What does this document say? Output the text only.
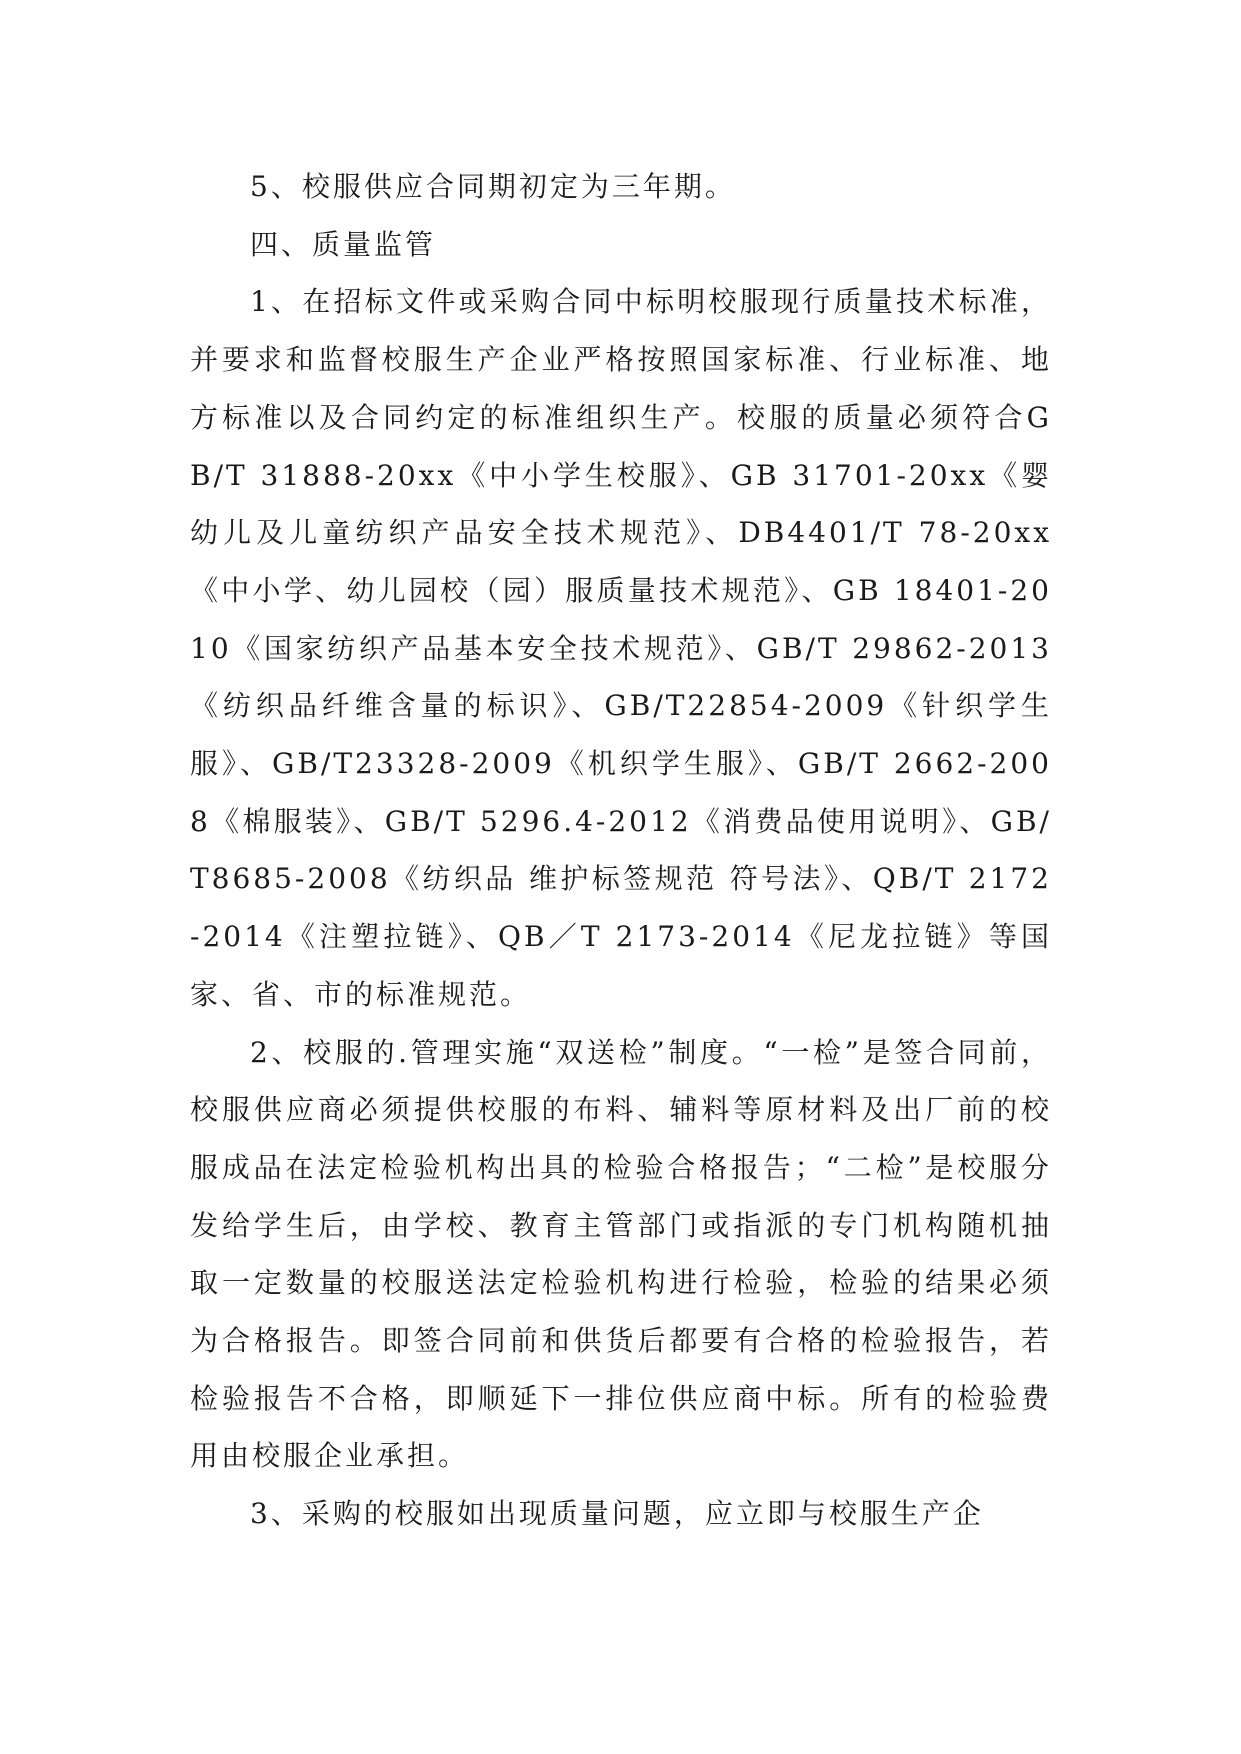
5、校服供应合同期初定为三年期。

四、质量监管

1、在招标文件或采购合同中标明校服现行质量技术标准，并要求和监督校服生产企业严格按照国家标准、行业标准、地方标准以及合同约定的标准组织生产。校服的质量必须符合GB/T 31888-20xx《中小学生校服》、GB 31701-20xx《婴幼儿及儿童纺织产品安全技术规范》、DB4401/T 78-20xx《中小学、幼儿园校（园）服质量技术规范》、GB 18401-2010《国家纺织产品基本安全技术规范》、GB/T 29862-2013《纺织品纤维含量的标识》、GB/T22854-2009《针织学生服》、GB/T23328-2009《机织学生服》、GB/T 2662-2008《棉服装》、GB/T 5296.4-2012《消费品使用说明》、GB/T8685-2008《纺织品 维护标签规范 符号法》、QB/T 2172-2014《注塑拉链》、QB／T 2173-2014《尼龙拉链》等国家、省、市的标准规范。

2、校服的.管理实施“双送检”制度。“一检”是签合同前，校服供应商必须提供校服的布料、辅料等原材料及出厂前的校服成品在法定检验机构出具的检验合格报告；“二检”是校服分发给学生后，由学校、教育主管部门或指派的专门机构随机抽取一定数量的校服送法定检验机构进行检验，检验的结果必须为合格报告。即签合同前和供货后都要有合格的检验报告，若检验报告不合格，即顺延下一排位供应商中标。所有的检验费用由校服企业承担。

3、采购的校服如出现质量问题，应立即与校服生产企
